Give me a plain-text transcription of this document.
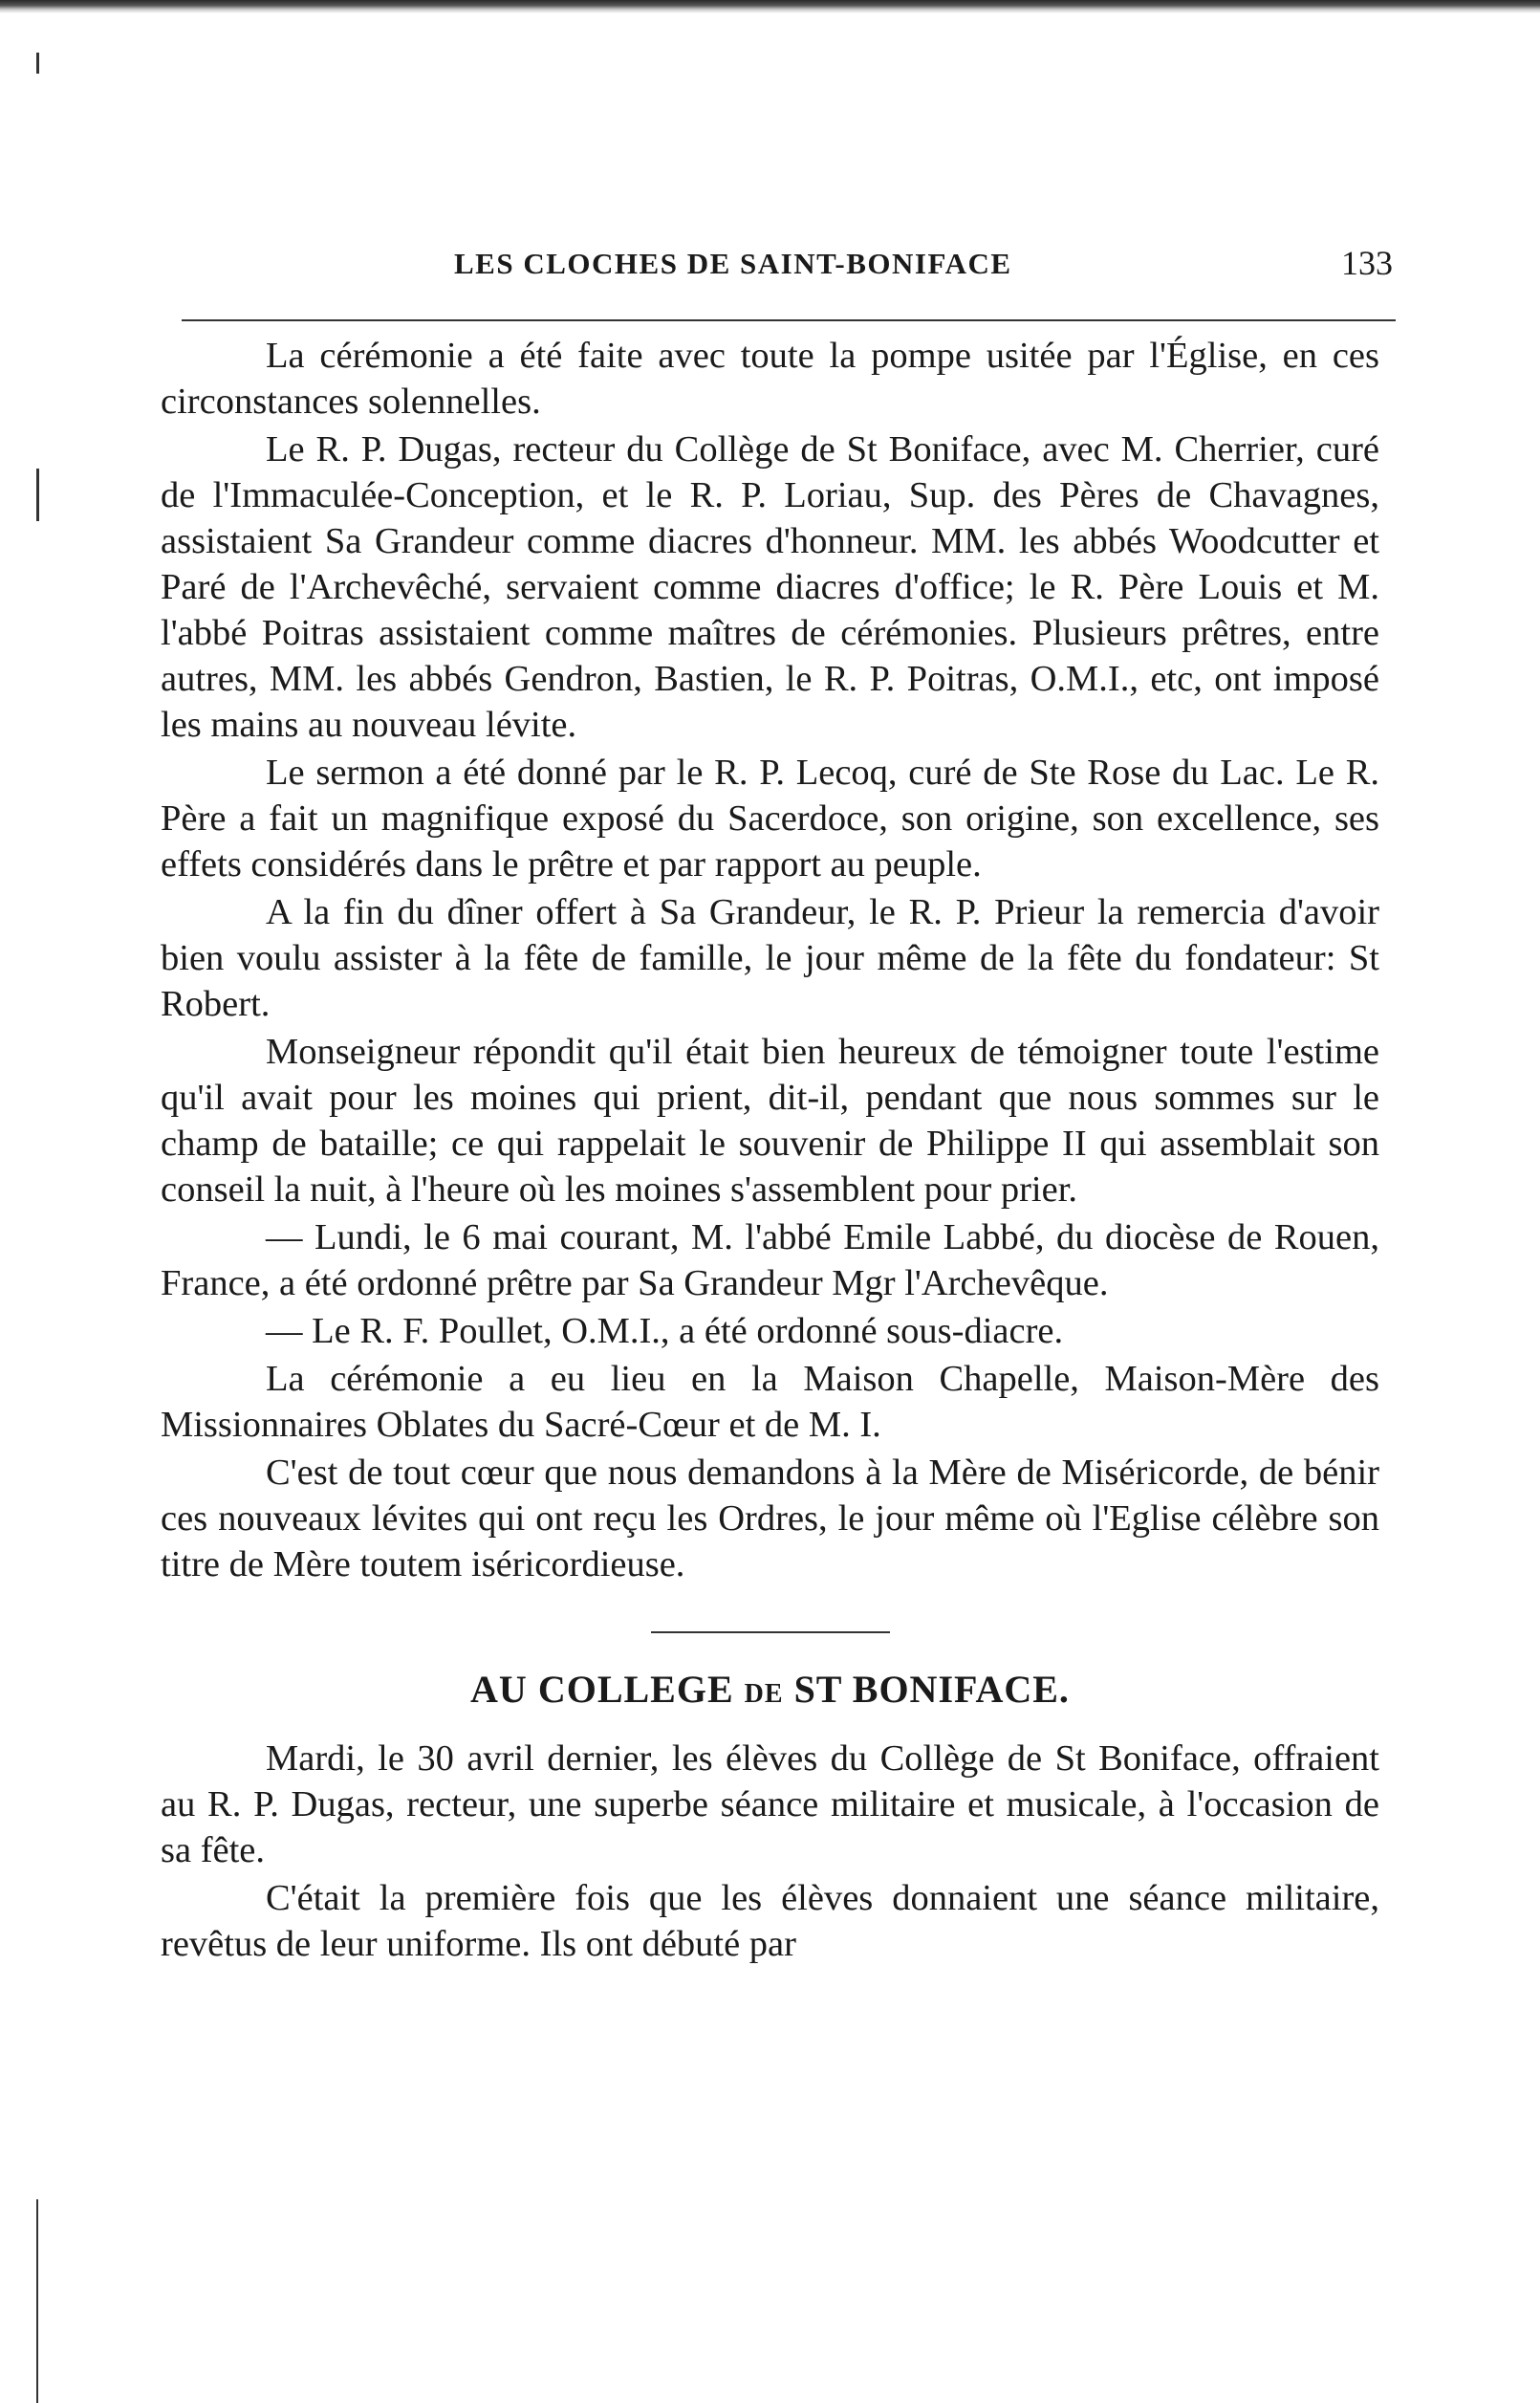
LES CLOCHES DE SAINT-BONIFACE	133

La cérémonie a été faite avec toute la pompe usitée par l'Église, en ces circonstances solennelles.

Le R. P. Dugas, recteur du Collège de St Boniface, avec M. Cherrier, curé de l'Immaculée-Conception, et le R. P. Loriau, Sup. des Pères de Chavagnes, assistaient Sa Grandeur comme diacres d'honneur. MM. les abbés Woodcutter et Paré de l'Archevêché, servaient comme diacres d'office; le R. Père Louis et M. l'abbé Poitras assistaient comme maîtres de cérémonies. Plusieurs prêtres, entre autres, MM. les abbés Gendron, Bastien, le R. P. Poitras, O.M.I., etc, ont imposé les mains au nouveau lévite.

Le sermon a été donné par le R. P. Lecoq, curé de Ste Rose du Lac. Le R. Père a fait un magnifique exposé du Sacerdoce, son origine, son excellence, ses effets considérés dans le prêtre et par rapport au peuple.

A la fin du dîner offert à Sa Grandeur, le R. P. Prieur la remercia d'avoir bien voulu assister à la fête de famille, le jour même de la fête du fondateur: St Robert.

Monseigneur répondit qu'il était bien heureux de témoigner toute l'estime qu'il avait pour les moines qui prient, dit-il, pendant que nous sommes sur le champ de bataille; ce qui rappelait le souvenir de Philippe II qui assemblait son conseil la nuit, à l'heure où les moines s'assemblent pour prier.

— Lundi, le 6 mai courant, M. l'abbé Emile Labbé, du diocèse de Rouen, France, a été ordonné prêtre par Sa Grandeur Mgr l'Archevêque.

— Le R. F. Poullet, O.M.I., a été ordonné sous-diacre.

La cérémonie a eu lieu en la Maison Chapelle, Maison-Mère des Missionnaires Oblates du Sacré-Cœur et de M. I.

C'est de tout cœur que nous demandons à la Mère de Miséricorde, de bénir ces nouveaux lévites qui ont reçu les Ordres, le jour même où l'Eglise célèbre son titre de Mère toutem iséricordieuse.

AU COLLEGE DE ST BONIFACE.

Mardi, le 30 avril dernier, les élèves du Collège de St Boniface, offraient au R. P. Dugas, recteur, une superbe séance militaire et musicale, à l'occasion de sa fête.

C'était la première fois que les élèves donnaient une séance militaire, revêtus de leur uniforme. Ils ont débuté par
